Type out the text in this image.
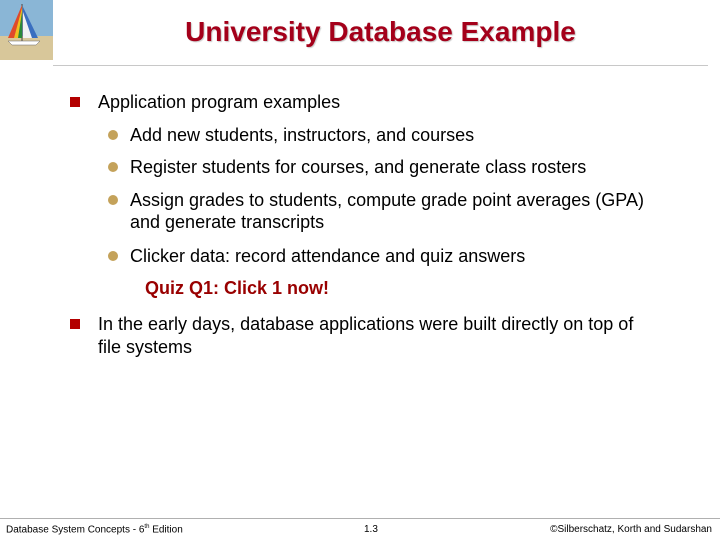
University Database Example
Application program examples
Add new students, instructors, and courses
Register students for courses, and generate class rosters
Assign grades to students, compute grade point averages (GPA) and generate transcripts
Clicker data: record attendance and quiz answers
Quiz Q1: Click 1 now!
In the early days, database applications were built directly on top of file systems
Database System Concepts - 6th Edition	1.3	©Silberschatz, Korth and Sudarshan
